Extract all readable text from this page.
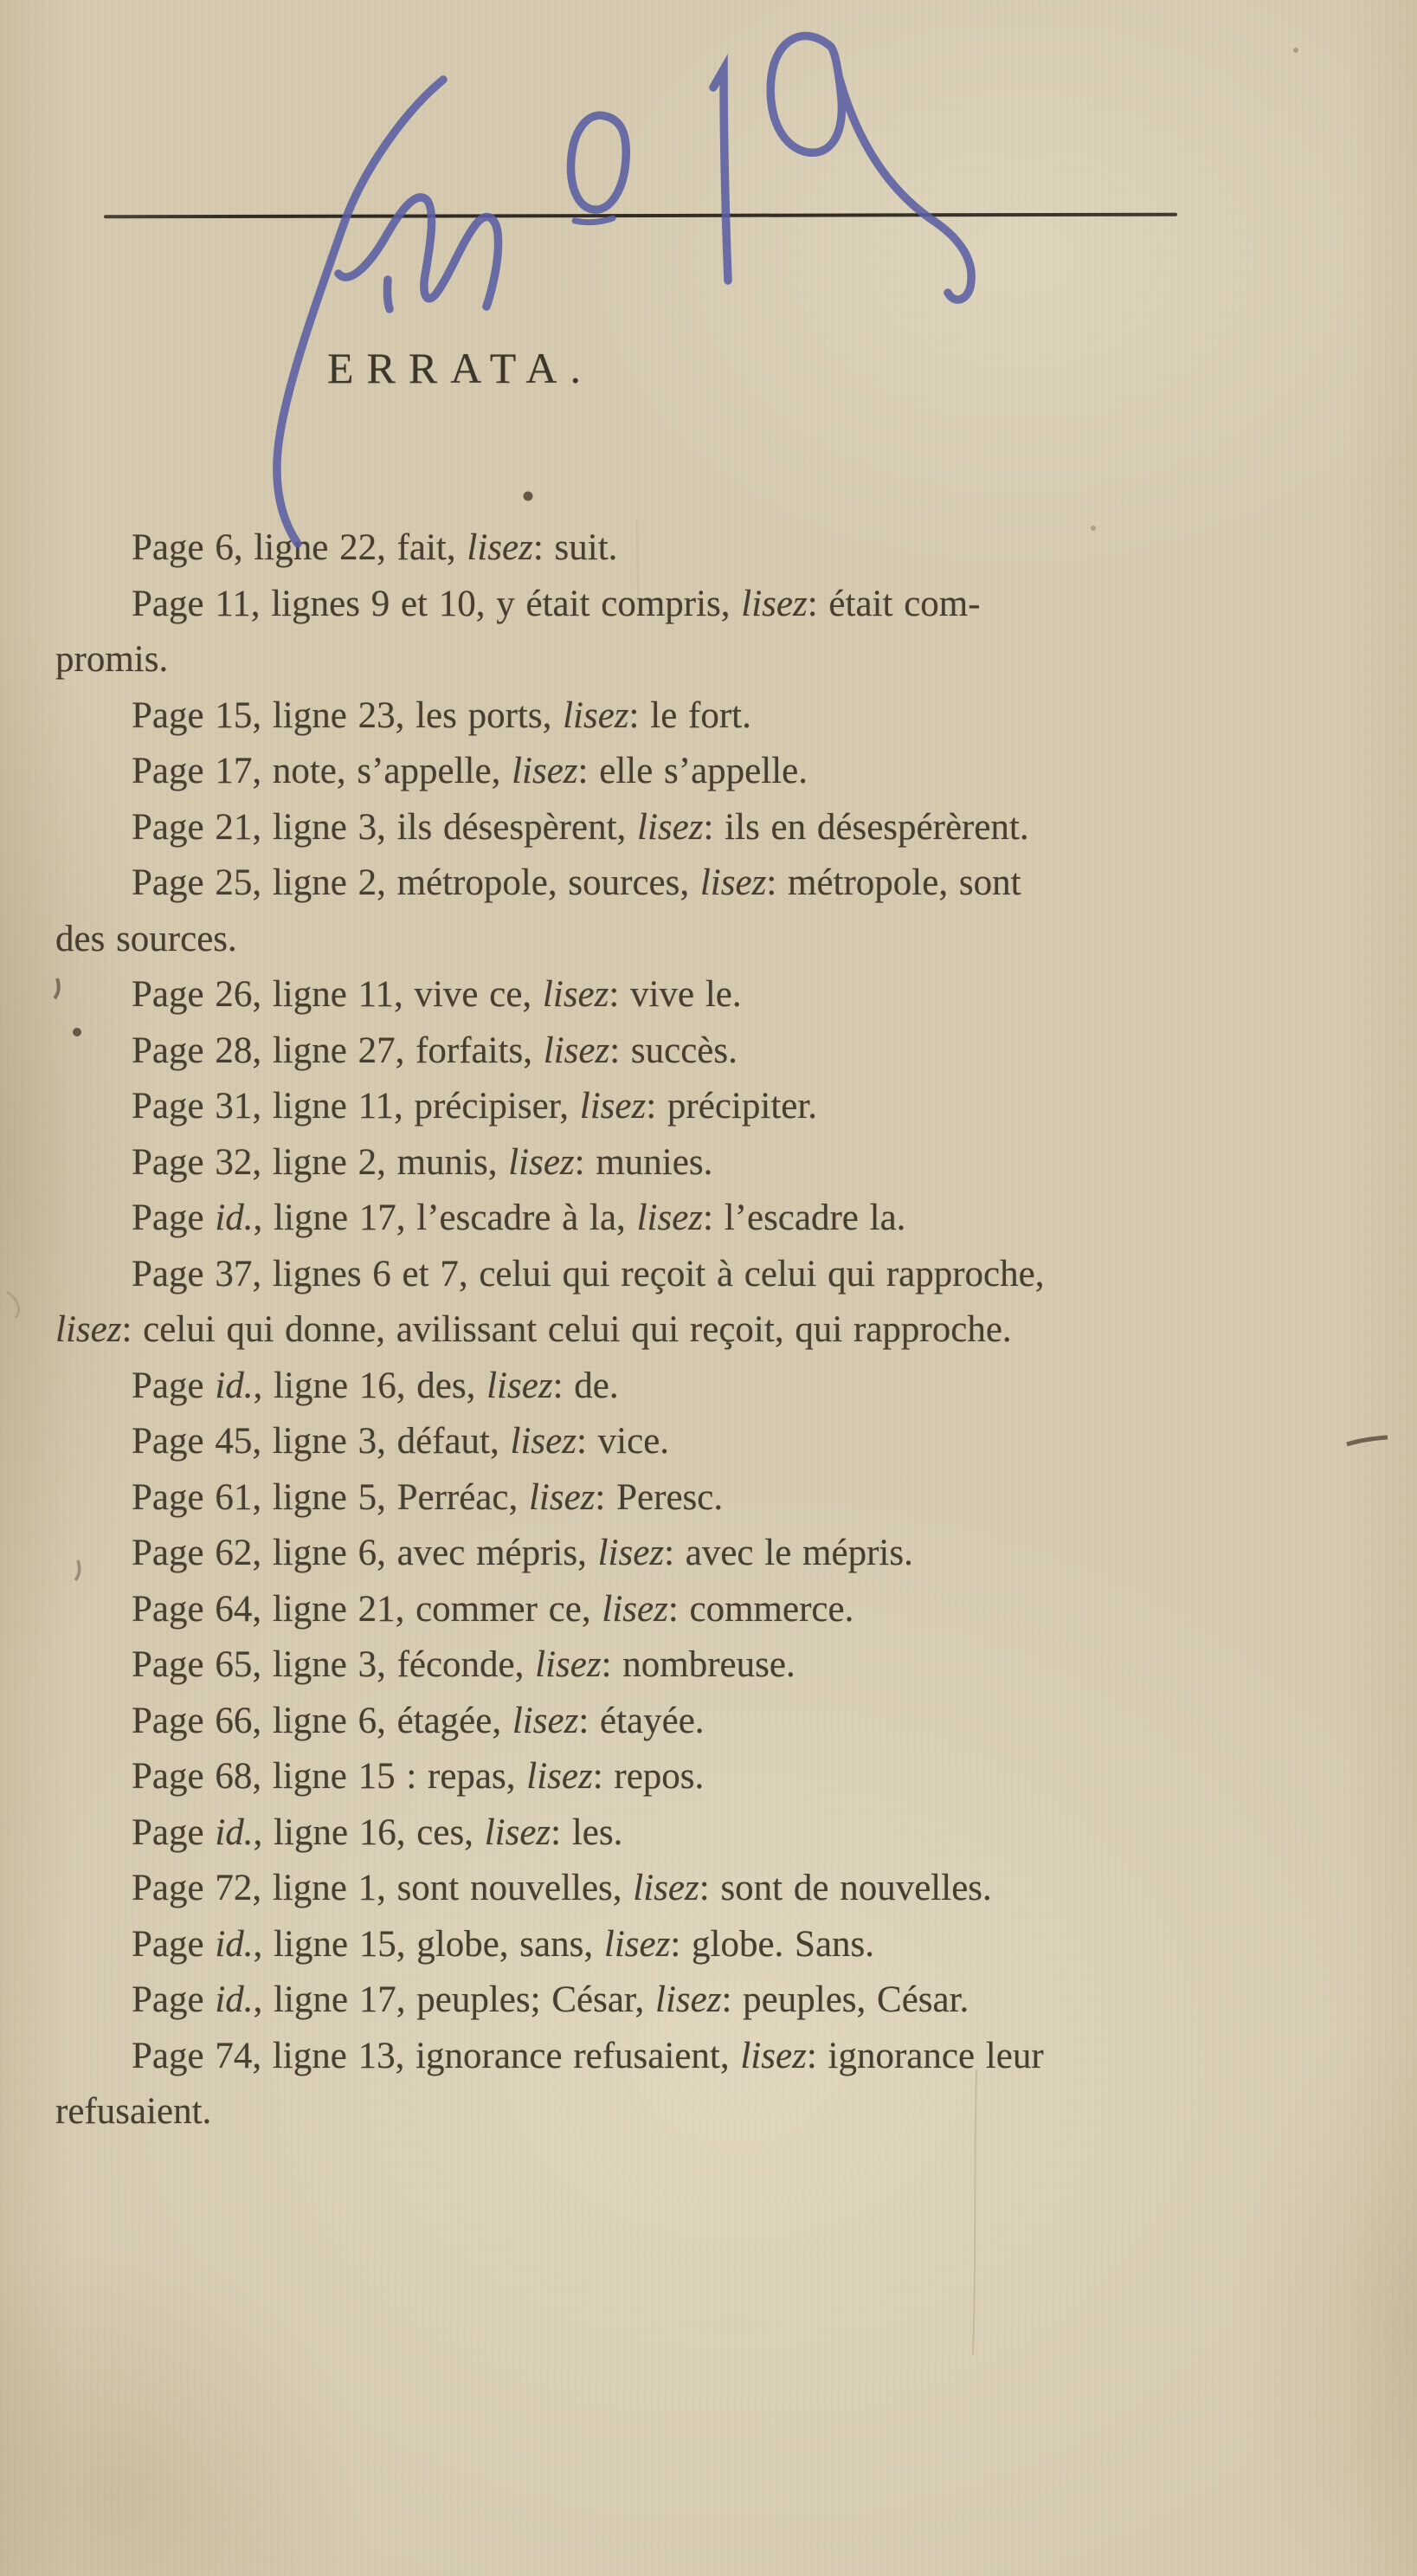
ERRATA.
Page 6, ligne 22, fait, lisez: suit.
Page 11, lignes 9 et 10, y était compris, lisez: était com-
promis.
Page 15, ligne 23, les ports, lisez: le fort.
Page 17, note, s’appelle, lisez: elle s’appelle.
Page 21, ligne 3, ils désespèrent, lisez: ils en désespérèrent.
Page 25, ligne 2, métropole, sources, lisez: métropole, sont
des sources.
Page 26, ligne 11, vive ce, lisez: vive le.
Page 28, ligne 27, forfaits, lisez: succès.
Page 31, ligne 11, précipiser, lisez: précipiter.
Page 32, ligne 2, munis, lisez: munies.
Page id., ligne 17, l’escadre à la, lisez: l’escadre la.
Page 37, lignes 6 et 7, celui qui reçoit à celui qui rapproche,
lisez: celui qui donne, avilissant celui qui reçoit, qui rapproche.
Page id., ligne 16, des, lisez: de.
Page 45, ligne 3, défaut, lisez: vice.
Page 61, ligne 5, Perréac, lisez: Peresc.
Page 62, ligne 6, avec mépris, lisez: avec le mépris.
Page 64, ligne 21, commer ce, lisez: commerce.
Page 65, ligne 3, féconde, lisez: nombreuse.
Page 66, ligne 6, étagée, lisez: étayée.
Page 68, ligne 15 : repas, lisez: repos.
Page id., ligne 16, ces, lisez: les.
Page 72, ligne 1, sont nouvelles, lisez: sont de nouvelles.
Page id., ligne 15, globe, sans, lisez: globe. Sans.
Page id., ligne 17, peuples; César, lisez: peuples, César.
Page 74, ligne 13, ignorance refusaient, lisez: ignorance leur
refusaient.
